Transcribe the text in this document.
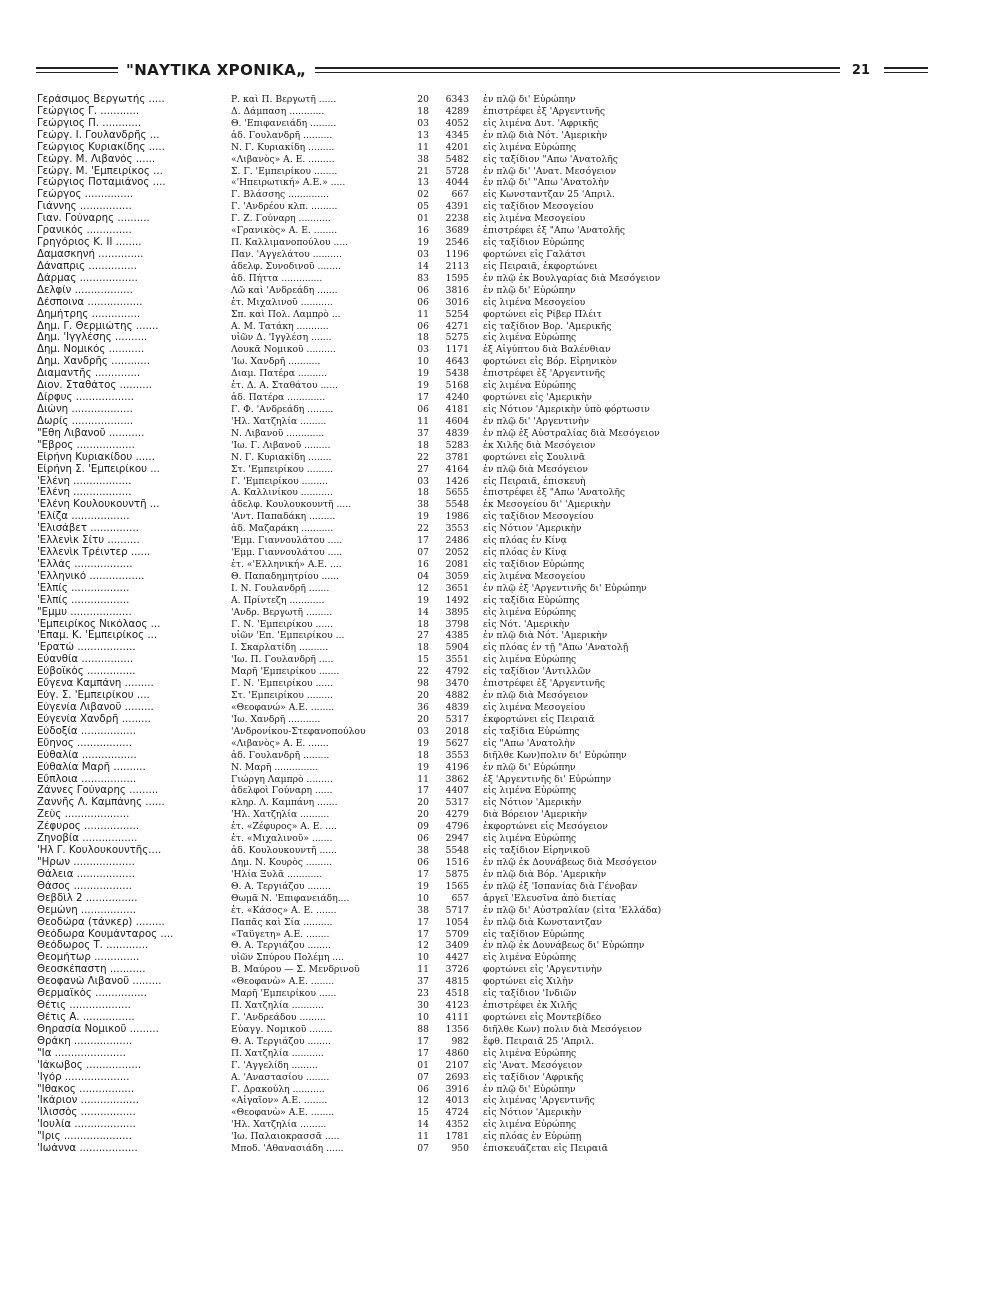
"ΝΑΥΤΙΚΑ ΧΡΟΝΙΚΑ„	21
Γεράσιμος Βεργωτής .....	Ρ. καὶ Π. Βεργωτῆ ......	20	6343 ἐν πλῷ δι' Εὐρώπην
Γεώργιος Γ. ............	Δ. Δάμπαση ............	18	4289 ἐπιστρέφει ἐξ 'Αργεντινῆς
Γεώργιος Π. ............	Θ. 'Επιφανειάδη .........	03	4052 εἰς λιμένα Δυτ. 'Αφρικῆς
Γεώργ. Ι. Γουλανδρῆς ...	ἀδ. Γουλανδρῆ ..........	13	4345 ἐν πλῷ διὰ Νότ. 'Αμερικὴν
Γεώργιος Κυριακίδης .....	Ν. Γ. Κυριακίδη .........	11	4201 εἰς λιμένα Εὐρώπης
Γεώργ. Μ. Λιβανός ......	«Λιβανὸς» Α. Ε. .........	38	5482 εἰς ταξίδιον "Απω 'Ανατολῆς
Γεώργ. Μ. 'Εμπειρίκος ...	Σ. Γ. 'Εμπειρίκου ........	21	5728 ἐν πλῷ δι' 'Ανατ. Μεσόγειον
Γεώργιος Ποταμιάνος ....	«'Ηπειρωτική» Α.Ε.» .....	13	4044 ἐν πλῷ δι' "Απω 'Ανατολὴν
Γεώργος ...............	Γ. Βλάσσης ..............	02	667 εἰς Κωνσταντζαν 25 'Απριλ.
Γιάννης ................	Γ. 'Ανδρέου κλπ. .........	05	4391 εἰς ταξίδιον Μεσογείου
Γιαν. Γούναρης ..........	Γ. Ζ. Γούναρη ...........	01	2238 εἰς λιμένα Μεσογείου
Γρανικός ..............	«Γρανικὸς» Α. Ε. ........	16	3689 ἐπιστρέφει ἐξ "Απω 'Ανατολῆς
Γρηγόριος Κ. ΙΙ ........	Π. Καλλιμανοπούλου .....	19	2546 εἰς ταξίδιον Εὐρώπης
Δαμασκηνή ..............	Παν. 'Αγγελάτου ..........	03	1196 φορτώνει εἰς Γαλάτσι
Δάναπρις ...............	ἀδελφ. Συνοδινοῦ ........	14	2113 εἰς Πειραιᾶ, ἐκφορτώνει
Δάρμας ..................	ἀδ. Πήττα ..............	83	1595 ἐν πλῷ ἐκ Βουλγαρίας διὰ Μεσόγειον
Δελφίν ..................	Λῶ καὶ 'Ανδρεάδη .......	06	3816 ἐν πλῷ δι' Εὐρώπην
Δέσποινα .................	ἐτ. Μιχαλινοῦ ...........	06	3016 εἰς λιμένα Μεσογείου
Δημήτρης ...............	Σπ. καὶ Πολ. Λαμπρὸ ...	11	5254 φορτώνει εἰς Ρίβερ Πλέιτ
Δημ. Γ. Θερμιώτης .......	Α. Μ. Τατάκη ...........	06	4271 εἰς ταξίδιον Βορ. 'Αμερικῆς
Δημ. 'Ιγγλέσης ..........	υἱῶν Δ. 'Ιγγλέση .......	18	5275 εἰς λιμένα Εὐρώπης
Δημ. Νομικός ...........	Λουκᾶ Νομικοῦ ..........	03	1171 ἐξ Αἰγύπτου διὰ Βαλένθιαν
Δημ. Χανδρῆς ............	'Ιω. Χανδρῆ ...........	10	4643 φορτώνει εἰς Βόρ. Εἰρηνικὸν
Διαμαντῆς ..............	Διαμ. Πατέρα ..........	19	5438 ἐπιστρέφει ἐξ 'Αργεντινῆς
Διον. Σταθάτος ..........	ἐτ. Δ. Α. Σταθάτου ......	19	5168 εἰς λιμένα Εὐρώπης
Δίρφυς ..................	ἀδ. Πατέρα .............	17	4240 φορτώνει εἰς 'Αμερικὴν
Διώνη ...................	Γ. Φ. 'Ανδρεάδη .........	06	4181 εἰς Νότιον 'Αμερικὴν ὑπὸ φόρτωσιν
Δωρίς ...................	'Ηλ. Χατζηλία .........	11	4604 ἐν πλῷ δι' 'Αργεντινὴν
"Εθη Λιβανοῦ ...........	Ν. Λιβανοῦ .............	37	4839 ἐν πλῷ ἐξ Αὐστραλίας διὰ Μεσόγειον
"Εβρος ..................	'Ιω. Γ. Λιβανοῦ .........	18	5283 ἐκ Χιλῆς διὰ Μεσόγειον
Εἰρήνη Κυριακίδου ......	Ν. Γ. Κυριακίδη ........	22	3781 φορτώνει εἰς Σουλινᾶ
Εἰρήνη Σ. 'Εμπειρίκου ...	Στ. 'Εμπειρίκου .........	27	4164 ἐν πλῷ διὰ Μεσόγειον
'Ελένη ..................	Γ. 'Εμπειρίκου .........	03	1426 εἰς Πειραιᾶ, ἐπισκευὴ
'Ελένη ..................	Α. Καλλινίκου ...........	18	5655 ἐπιστρέφει ἐξ "Απω 'Ανατολῆς
'Ελένη Κουλουκουντῆ ...	ἀδελφ. Κουλουκουντῆ .....	38	5548 ἐκ Μεσογείου δι' 'Αμερικὴν
'Ελίζα ..................	'Αντ. Παπαδάκη .........	19	1986 εἰς ταξίδιον Μεσογείου
'Ελισάβετ ...............	ἀδ. Μαζαράκη ...........	22	3553 εἰς Νότιον 'Αμερικὴν
'Ελλενὶκ Σίτυ ..........	'Εμμ. Γιαννουλάτου .....	17	2486 εἰς πλόας ἐν Κίνᾳ
'Ελλενὶκ Τρέιντερ ......	'Εμμ. Γιαννουλάτου .....	07	2052 εἰς πλόας ἐν Κίνᾳ
'Ελλάς ..................	ἐτ. «'Ελληνική» Α.Ε. ....	16	2081 εἰς ταξίδιον Εὐρώπης
'Ελληνικό .................	Θ. Παπαδημητρίου ......	04	3059 εἰς λιμένα Μεσογείου
'Ελπίς ..................	Ι. Ν. Γουλανδρῆ .......	12	3651 ἐν πλῷ ἐξ 'Αργεντινῆς δι' Εὐρώπην
'Ελπίς ..................	Α. Πρίντεζη ............	19	1492 εἰς ταξίδια Εὐρώπης
"Εμμυ ...................	'Ανδρ. Βεργωτῆ .........	14	3895 εἰς λιμένα Εὐρώπης
'Εμπειρίκος Νικόλαος ...	Γ. Ν. 'Εμπειρίκου ......	18	3798 εἰς Νότ. 'Αμερικὴν
'Επαμ. Κ. 'Εμπειρίκος ...	υἱῶν 'Επ. 'Εμπειρίκου ...	27	4385 ἐν πλῷ διὰ Νότ. 'Αμερικὴν
'Ερατώ ..................	Ι. Σκαρλατίδη ..........	18	5904 εἰς πλόας ἐν τῇ "Απω 'Ανατολῇ
Εὐανθία ................	'Ιω. Π. Γουλανδρῆ .....	15	3551 εἰς λιμένα Εὐρώπης
Εὐβοϊκὸς ...............	Μαρῆ 'Εμπειρίκου .......	22	4792 εἰς ταξίδιον 'Αντιλλῶν
Εὔγενα Καμπάνη .........	Γ. Ν. 'Εμπειρίκου ......	98	3470 ἐπιστρέφει ἐξ 'Αργεντινῆς
Εὐγ. Σ. 'Εμπειρίκου ....	Στ. 'Εμπειρίκου .........	20	4882 ἐν πλῷ διὰ Μεσόγειον
Εὐγενία Λιβανοῦ .........	«Θεοφανώ» Α.Ε. ........	36	4839 εἰς λιμένα Μεσογείου
Εὐγενία Χανδρῆ .........	'Ιω. Χανδρῆ ...........	20	5317 ἐκφορτώνει εἰς Πειραιᾶ
Εὐδοξία .................	'Ανδρονίκου-Στεφανοπούλου	03	2018 εἰς ταξίδια Εὐρώπης
Εὔηνος .................	«Λιβανὸς» Α. Ε. .......	19	5627 εἰς "Απω 'Ανατολὴν
Εὐθαλία .................	ἀδ. Γουλανδρῆ .........	18	3553 διῆλθε Κων)πολιν δι' Εὐρώπην
Εὐθαλία Μαρῆ ..........	Ν. Μαρῆ ...............	19	4196 ἐν πλῷ δι' Εὐρώπην
Εὔπλοια .................	Γιώργη Λαμπρὸ .........	11	3862 ἐξ 'Αργεντινῆς δι' Εὐρώπην
Ζάννες Γούναρης .........	ἀδελφοὶ Γούναρη ......	17	4407 εἰς λιμένα Εὐρώπης
Ζαννῆς Λ. Καμπάνης ......	κληρ. Λ. Καμπάνη .......	20	5317 εἰς Νότιον 'Αμερικὴν
Ζεὺς ....................	'Ηλ. Χατζηλία ..........	20	4279 διὰ Βόρειον 'Αμερικὴν
Ζέφυρος .................	ἐτ. «Ζέφυρος» Α. Ε. ....	09	4796 ἐκφορτώνει εἰς Μεσόγειον
Ζηνοβία .................	ἐτ. «Μιχαλινοῦ» .......	06	2947 εἰς λιμένα Εὐρώπης
'Ηλ Γ. Κουλουκουντῆς....	ἀδ. Κουλουκουντῆ ......	38	5548 εἰς ταξίδιον Εἰρηνικοῦ
"Ηρων ...................	Δημ. Ν. Κουρὸς .........	06	1516 ἐν πλῷ ἐκ Δουνάβεως διὰ Μεσόγειον
Θάλεια ..................	'Ηλία Ξυλᾶ ............	17	5875 ἐν πλῷ διὰ Βόρ. 'Αμερικὴν
Θάσος ..................	Θ. Α. Τεργιάζου ........	19	1565 ἐν πλῷ ἐξ 'Ισπανίας διὰ Γένοβαν
Θεβδὶλ 2 ................	Θωμᾶ Ν. 'Επιφανειάδη....	10	657 ἀργεῖ 'Ελευσῖνα ἀπὸ διετίας
Θεμώνη .................	ἐτ. «Κάσος» Α. Ε. .......	38	5717 ἐν πλῷ δι' Αὐστραλίαν (εἶτα 'Ελλάδα)
Θεοδώρα (τάνκερ) .........	Παπᾶς καὶ Σία ..........	17	1054 ἐν πλῷ διὰ Κωνσταντζαν
Θεόδωρα Κουμάνταρος ....	«Ταΰγετη» Α.Ε. ........	17	5709 εἰς ταξίδιον Εὐρώπης
Θεόδωρος Τ. .............	Θ. Α. Τεργιάζου ........	12	3409 ἐν πλῷ ἐκ Δουνάβεως δι' Εὐρώπην
Θεομήτωρ ..............	υἱῶν Σπύρου Πολέμη ....	10	4427 εἰς λιμένα Εὐρώπης
Θεοσκέπαστη ...........	Β. Μαύρου — Σ. Μενδρινοῦ	11	3726 φορτώνει εἰς 'Αργεντινὴν
Θεοφανὼ Λιβανοῦ .........	«Θεοφανὼ» Α.Ε. ........	37	4815 φορτώνει εἰς Χιλὴν
Θερμαϊκὸς ................	Μαρῆ 'Εμπειρίκου ......	23	4518 εἰς ταξίδιον 'Ινδιῶν
Θέτις ...................	Π. Χατζηλία ...........	30	4123 ἐπιστρέφει ἐκ Χιλῆς
Θέτις Α. ................	Γ. 'Ανδρεάδου .........	10	4111 φορτώνει εἰς Μοντεβίδεο
Θηρασία Νομικοῦ .........	Εὐαγγ. Νομικοῦ ........	88	1356 διῆλθε Κων) πολιν διὰ Μεσόγειον
Θράκη ..................	Θ. Α. Τεργιάζου ........	17	982 ἔφθ. Πειραιᾶ 25 'Απριλ.
"Ια ......................	Π. Χατζηλία ...........	17	4860 εἰς λιμένα Εὐρώπης
'Ιάκωβος .................	Γ. 'Αγγελίδη .........	01	2107 εἰς 'Ανατ. Μεσόγειον
'Ιγόρ ....................	Α. 'Αναστασίου ........	07	2693 εἰς ταξίδιον 'Αφρικῆς
"Ιθακος .................	Γ. Δρακούλη ...........	06	3916 ἐν πλῷ δι' Εὐρώπην
'Ικάριον ..................	«Αἰγαῖον» Α.Ε. ........	12	4013 εἰς λιμένας 'Αργεντινῆς
'Ιλισσὸς .................	«Θεοφανὼ» Α.Ε. ........	15	4724 εἰς Νότιον 'Αμερικὴν
'Ιουλία ...................	'Ηλ. Χατζηλία .........	14	4352 εἰς λιμένα Εὐρώπης
"Ιρις .....................	'Ιω. Παλαιοκρασσᾶ .....	11	1781 εἰς πλόας ἐν Εὐρώπῃ
'Ιωάννα ..................	Μποδ. 'Αθανασιάδη ......	07	950 ἐπισκευάζεται εἰς Πειραιᾶ
